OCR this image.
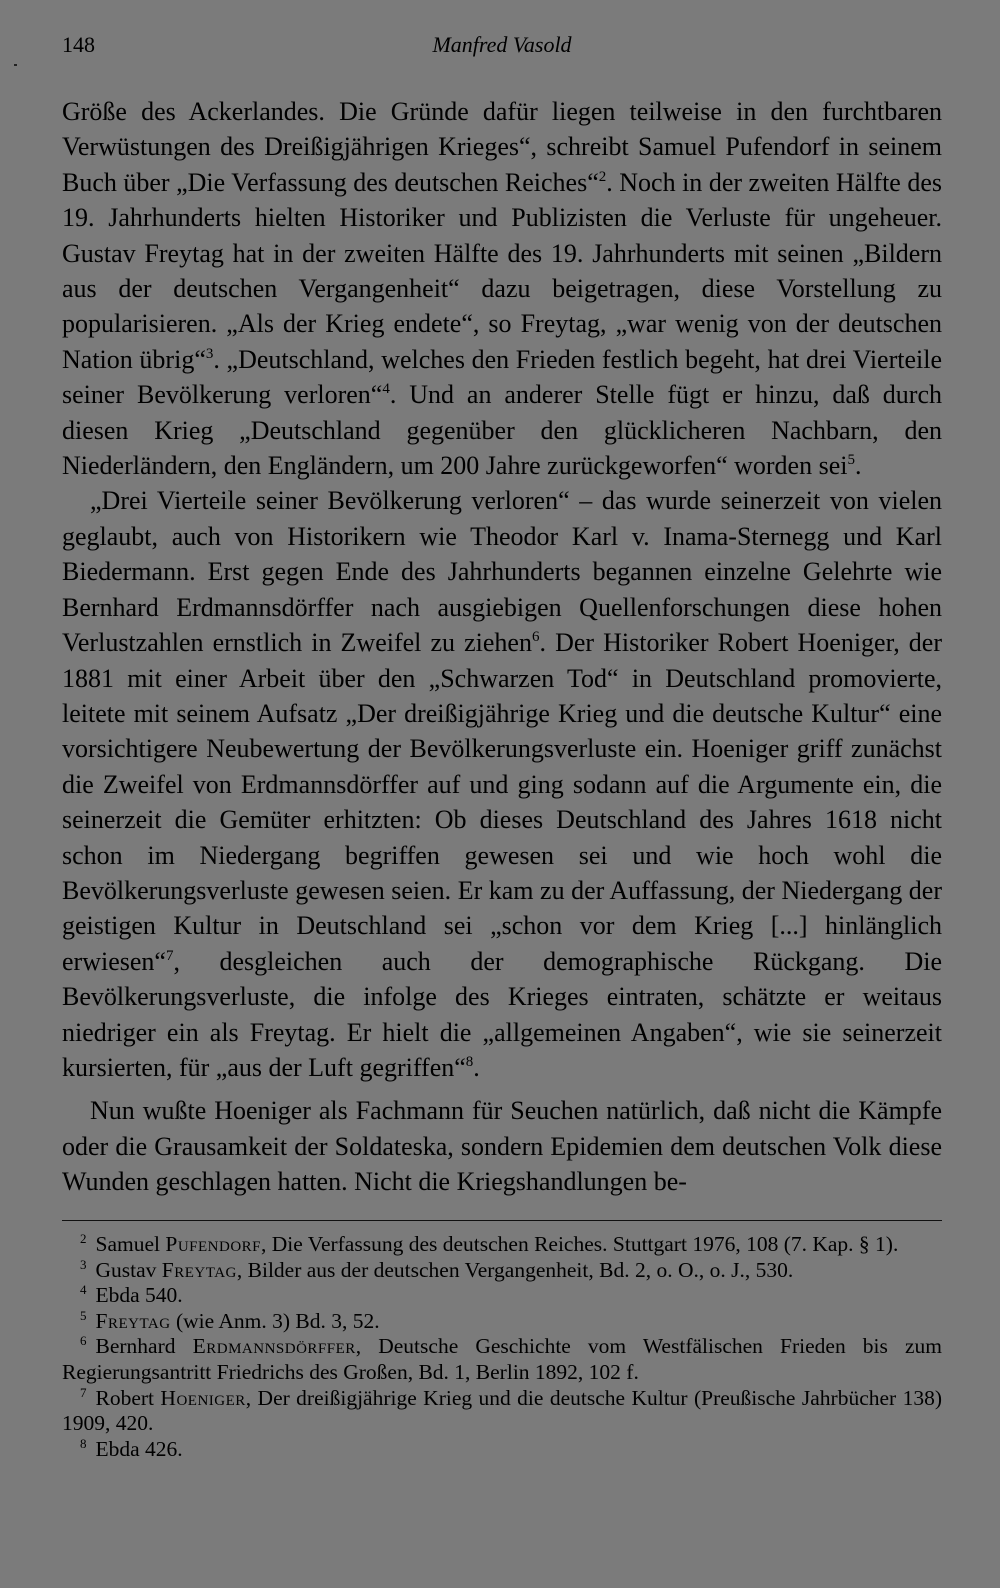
148	Manfred Vasold

Größe des Ackerlandes. Die Gründe dafür liegen teilweise in den furchtbaren Verwüstungen des Dreißigjährigen Krieges“, schreibt Samuel Pufendorf in seinem Buch über „Die Verfassung des deutschen Reiches“$^2$. Noch in der zweiten Hälfte des 19. Jahrhunderts hielten Historiker und Publizisten die Verluste für ungeheuer. Gustav Freytag hat in der zweiten Hälfte des 19. Jahrhunderts mit seinen „Bildern aus der deutschen Vergangenheit“ dazu beigetragen, diese Vorstellung zu popularisieren. „Als der Krieg endete“, so Freytag, „war wenig von der deutschen Nation übrig“$^3$. „Deutschland, welches den Frieden festlich begeht, hat drei Vierteile seiner Bevölkerung verloren“$^4$. Und an anderer Stelle fügt er hinzu, daß durch diesen Krieg „Deutschland gegenüber den glücklicheren Nachbarn, den Niederländern, den Engländern, um 200 Jahre zurückgeworfen“ worden sei$^5$.

„Drei Vierteile seiner Bevölkerung verloren“ – das wurde seinerzeit von vielen geglaubt, auch von Historikern wie Theodor Karl v. Inama-Sternegg und Karl Biedermann. Erst gegen Ende des Jahrhunderts begannen einzelne Gelehrte wie Bernhard Erdmannsdörffer nach ausgiebigen Quellenforschungen diese hohen Verlustzahlen ernstlich in Zweifel zu ziehen$^6$. Der Historiker Robert Hoeniger, der 1881 mit einer Arbeit über den „Schwarzen Tod“ in Deutschland promovierte, leitete mit seinem Aufsatz „Der dreißigjährige Krieg und die deutsche Kultur“ eine vorsichtigere Neubewertung der Bevölkerungsverluste ein. Hoeniger griff zunächst die Zweifel von Erdmannsdörffer auf und ging sodann auf die Argumente ein, die seinerzeit die Gemüter erhitzten: Ob dieses Deutschland des Jahres 1618 nicht schon im Niedergang begriffen gewesen sei und wie hoch wohl die Bevölkerungsverluste gewesen seien. Er kam zu der Auffassung, der Niedergang der geistigen Kultur in Deutschland sei „schon vor dem Krieg [...] hinlänglich erwiesen“$^7$, desgleichen auch der demographische Rückgang. Die Bevölkerungsverluste, die infolge des Krieges eintraten, schätzte er weitaus niedriger ein als Freytag. Er hielt die „allgemeinen Angaben“, wie sie seinerzeit kursierten, für „aus der Luft gegriffen“$^8$.

Nun wußte Hoeniger als Fachmann für Seuchen natürlich, daß nicht die Kämpfe oder die Grausamkeit der Soldateska, sondern Epidemien dem deutschen Volk diese Wunden geschlagen hatten. Nicht die Kriegshandlungen be-

$^2$ Samuel Pufendorf, Die Verfassung des deutschen Reiches. Stuttgart 1976, 108 (7. Kap. § 1).

$^3$ Gustav Freytag, Bilder aus der deutschen Vergangenheit, Bd. 2, o. O., o. J., 530.

$^4$ Ebda 540.

$^5$ Freytag (wie Anm. 3) Bd. 3, 52.

$^6$ Bernhard Erdmannsdörffer, Deutsche Geschichte vom Westfälischen Frieden bis zum Regierungsantritt Friedrichs des Großen, Bd. 1, Berlin 1892, 102 f.

$^7$ Robert Hoeniger, Der dreißigjährige Krieg und die deutsche Kultur (Preußische Jahrbücher 138) 1909, 420.

$^8$ Ebda 426.
